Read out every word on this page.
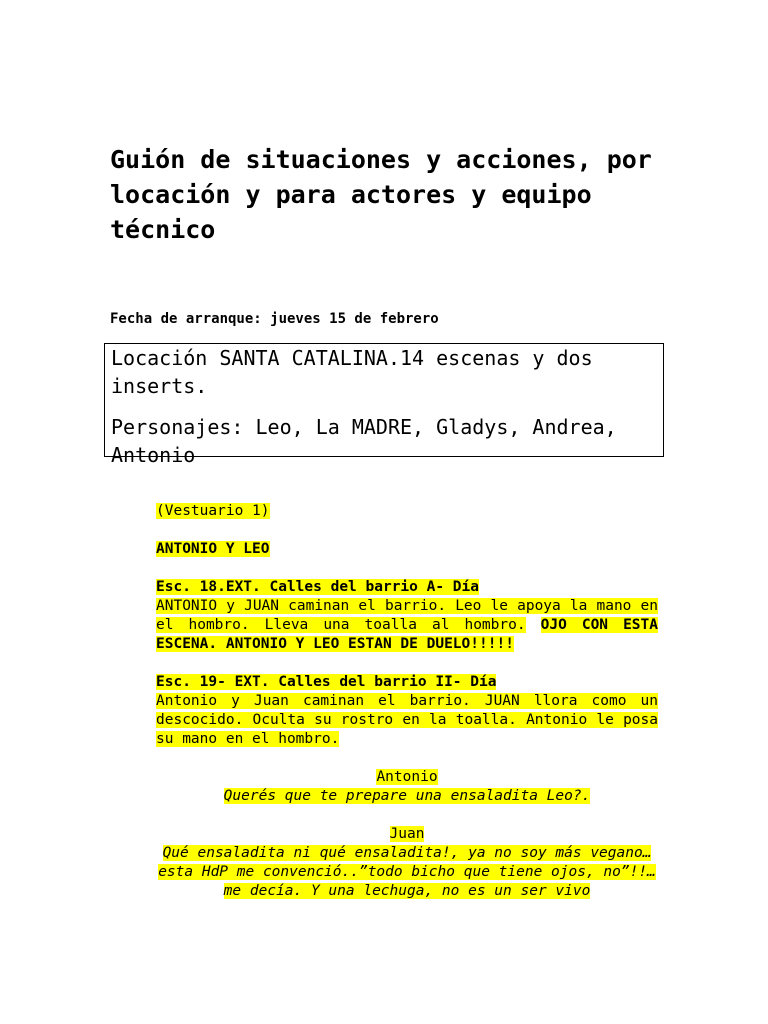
Guión de situaciones y acciones, por locación y para actores y equipo técnico

Fecha de arranque: jueves 15 de febrero

Locación SANTA CATALINA.14 escenas y dos inserts.

Personajes: Leo, La MADRE, Gladys, Andrea, Antonio

(Vestuario 1)

ANTONIO Y LEO

Esc. 18.EXT. Calles del barrio A- Día

ANTONIO y JUAN caminan el barrio. Leo le apoya la mano en el hombro. Lleva una toalla al hombro. OJO CON ESTA ESCENA. ANTONIO Y LEO ESTAN DE DUELO!!!!!

Esc. 19- EXT. Calles del barrio II- Día

Antonio y Juan caminan el barrio. JUAN llora como un descocido. Oculta su rostro en la toalla. Antonio le posa su mano en el hombro.

Antonio

Querés que te prepare una ensaladita Leo?.

Juan

Qué ensaladita ni qué ensaladita!, ya no soy más vegano…esta HdP me convenció..”todo bicho que tiene ojos, no”!!…me decía. Y una lechuga, no es un ser vivo
